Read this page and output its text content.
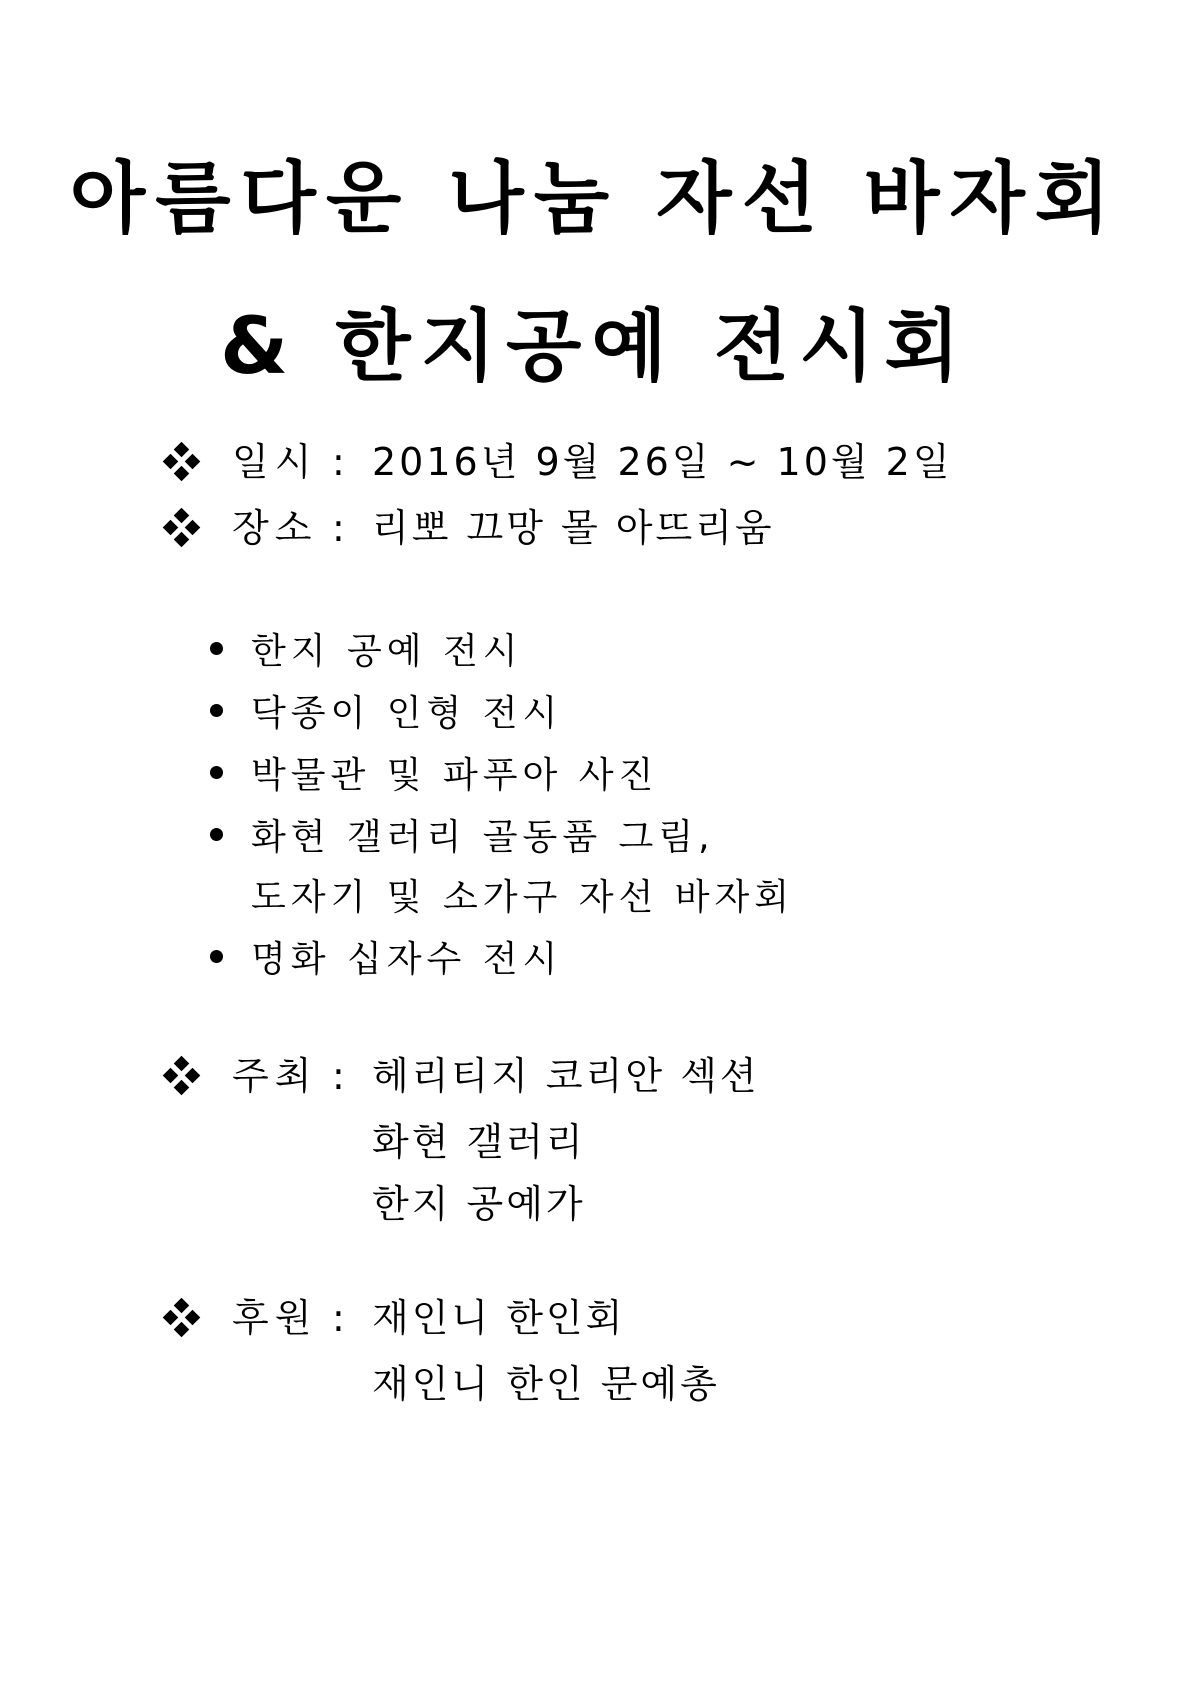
아름다운 나눔 자선 바자회
& 한지공예 전시회
일시 : 2016년 9월 26일 ~ 10월 2일
장소 : 리뽀 끄망 몰 아뜨리움
한지 공예 전시
닥종이 인형 전시
박물관 및 파푸아 사진
화현 갤러리 골동품 그림,
도자기 및 소가구 자선 바자회
명화 십자수 전시
주최 : 헤리티지 코리안 섹션
화현 갤러리
한지 공예가
후원 : 재인니 한인회
재인니 한인 문예총
